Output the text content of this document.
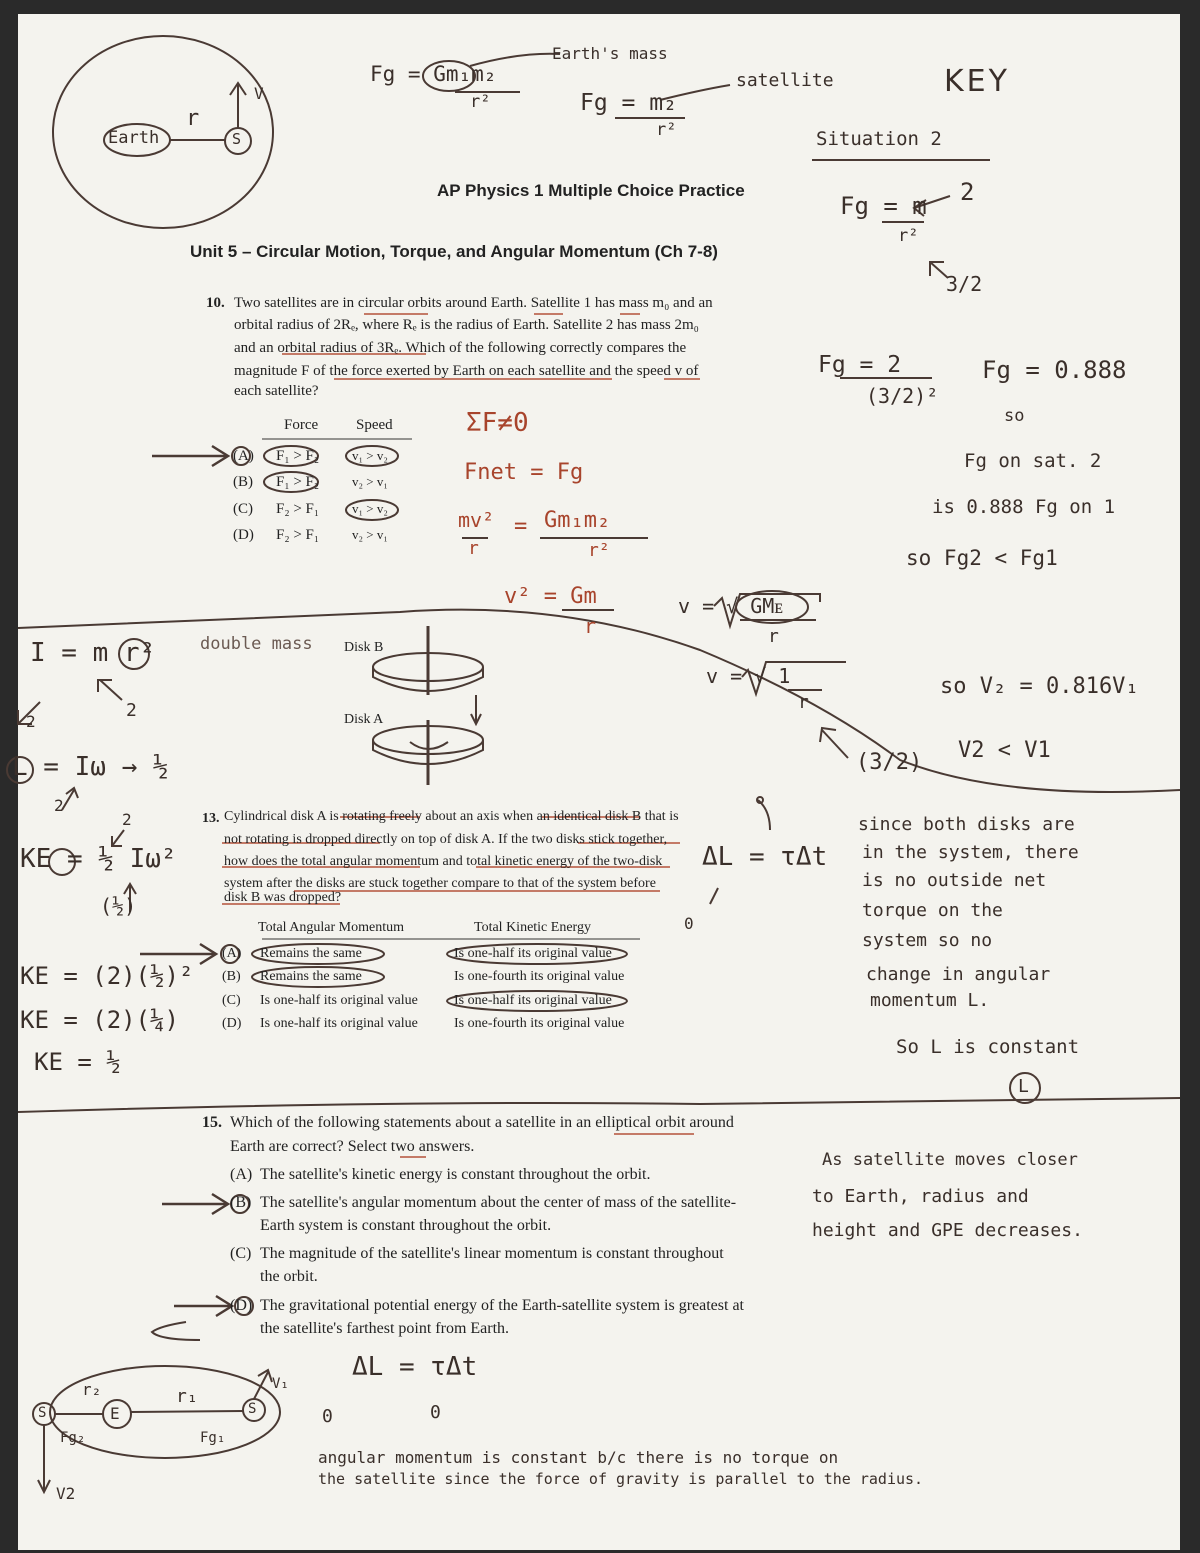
Earth
r
S
V
Fg = Gm₁m₂
r²
Earth's mass
satellite
Fg = m₂
r²
KEY
Situation 2
Fg = m
r²
2
3/2
AP Physics 1 Multiple Choice Practice
Unit 5 – Circular Motion, Torque, and Angular Momentum (Ch 7-8)
10. Two satellites are in circular orbits around Earth. Satellite 1 has mass m₀ and an
orbital radius of 2Rₑ, where Rₑ is the radius of Earth. Satellite 2 has mass 2m₀
and an orbital radius of 3Rₑ. Which of the following correctly compares the
magnitude F of the force exerted by Earth on each satellite and the speed v of
each satellite?
Force	Speed
(A) F₁ > F₂	v₁ > v₂
(B) F₁ > F₂	v₂ > v₁
(C) F₂ > F₁	v₁ > v₂
(D) F₂ > F₁	v₂ > v₁
ΣF≠0
Fnet = Fg
mv² = Gm₁m₂
r	r²
v² = Gm
r
v = √ GMᴇ
r
v = √ 1
r
(3/2)
Fg = 2
(3/2)²
Fg = 0.888
so
Fg on sat. 2
is 0.888 Fg on 1
so Fg2 < Fg1
so V₂ = 0.816V₁
V2 < V1
I = m r²
2
2
L = Iω → ½
2
2
KE = ½ Iω²
(½)
KE = (2)(½)²
KE = (2)(¼)
KE = ½
double mass Disk B
Disk A
13. Cylindrical disk A is rotating freely about an axis when an identical disk B that is
not rotating is dropped directly on top of disk A. If the two disks stick together,
how does the total angular momentum and total kinetic energy of the two-disk
system after the disks are stuck together compare to that of the system before
disk B was dropped?
Total Angular Momentum	Total Kinetic Energy
(A) Remains the same	Is one-half its original value
(B) Remains the same	Is one-fourth its original value
(C) Is one-half its original value	Is one-half its original value
(D) Is one-half its original value	Is one-fourth its original value
ΔL = τΔt
0
since both disks are
in the system, there
is no outside net
torque on the
system so no
change in angular
momentum L.
So L is constant
L
15. Which of the following statements about a satellite in an elliptical orbit around
Earth are correct? Select two answers.
(A) The satellite's kinetic energy is constant throughout the orbit.
(B) The satellite's angular momentum about the center of mass of the satellite-
Earth system is constant throughout the orbit.
(C) The magnitude of the satellite's linear momentum is constant throughout
the orbit.
(D) The gravitational potential energy of the Earth-satellite system is greatest at
the satellite's farthest point from Earth.
As satellite moves closer
to Earth, radius and
height and GPE decreases.
ΔL = τΔt
0	0
angular momentum is constant b/c there is no torque on
the satellite since the force of gravity is parallel to the radius.
E
S	S
r₁
r₂
Fg₁
Fg₂
V₁
V2
